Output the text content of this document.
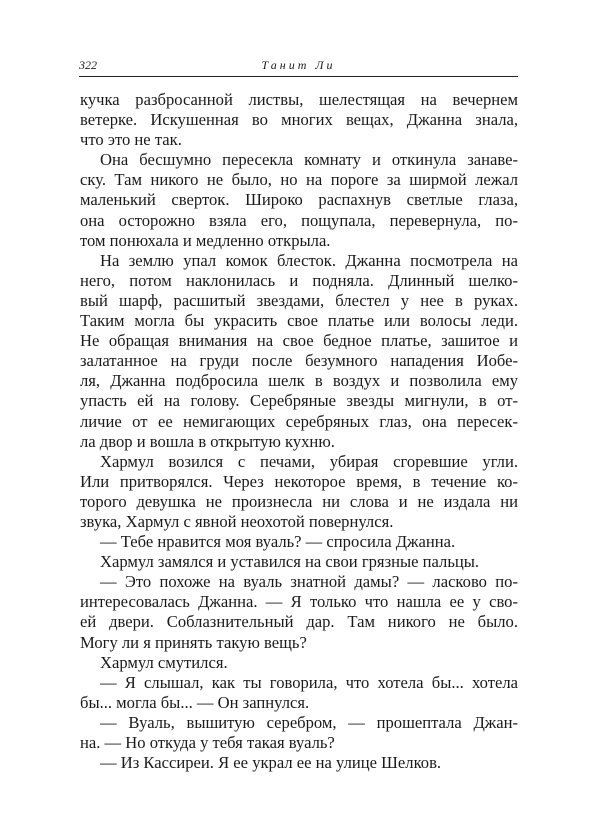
322	Танит Ли
кучка разбросанной листвы, шелестящая на вечернем
ветерке. Искушенная во многих вещах, Джанна знала,
что это не так.
Она бесшумно пересекла комнату и откинула занаве-
ску. Там никого не было, но на пороге за ширмой лежал
маленький сверток. Широко распахнув светлые глаза,
она осторожно взяла его, пощупала, перевернула, по-
том понюхала и медленно открыла.
На землю упал комок блесток. Джанна посмотрела на
него, потом наклонилась и подняла. Длинный шелко-
вый шарф, расшитый звездами, блестел у нее в руках.
Таким могла бы украсить свое платье или волосы леди.
Не обращая внимания на свое бедное платье, зашитое и
залатанное на груди после безумного нападения Иобе-
ля, Джанна подбросила шелк в воздух и позволила ему
упасть ей на голову. Серебряные звезды мигнули, в от-
личие от ее немигающих серебряных глаз, она пересек-
ла двор и вошла в открытую кухню.
Хармул возился с печами, убирая сгоревшие угли.
Или притворялся. Через некоторое время, в течение ко-
торого девушка не произнесла ни слова и не издала ни
звука, Хармул с явной неохотой повернулся.
— Тебе нравится моя вуаль? — спросила Джанна.
Хармул замялся и уставился на свои грязные пальцы.
— Это похоже на вуаль знатной дамы? — ласково по-
интересовалась Джанна. — Я только что нашла ее у сво-
ей двери. Соблазнительный дар. Там никого не было.
Могу ли я принять такую вещь?
Хармул смутился.
— Я слышал, как ты говорила, что хотела бы... хотела
бы... могла бы... — Он запнулся.
— Вуаль, вышитую серебром, — прошептала Джан-
на. — Но откуда у тебя такая вуаль?
— Из Кассиреи. Я ее украл ее на улице Шелков.
